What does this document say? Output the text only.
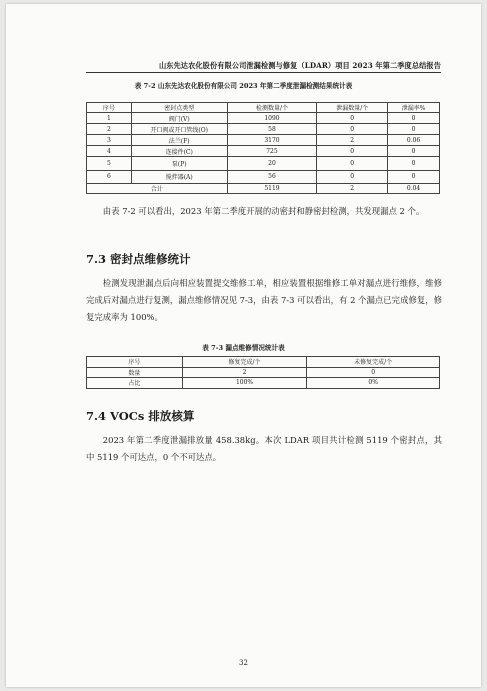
山东先达农化股份有限公司泄漏检测与修复（LDAR）项目 2023 年第二季度总结报告
表 7-2 山东先达农化股份有限公司 2023 年第二季度泄漏检测结果统计表
序号	密封点类型	检测数量/个	泄漏数量/个	泄漏率%
1	阀门(V)	1090	0	0
2	开口阀或开口管线(O)	58	0	0
3	法兰(F)	3170	2	0.06
4	连接件(C)	725	0	0
5	泵(P)	20	0	0
6	搅拌器(A)	56	0	0
合计		5119	2	0.04
由表 7-2 可以看出，2023 年第二季度开展的动密封和静密封检测，共发现漏点 2 个。
7.3 密封点维修统计
检测发现泄漏点后向相应装置提交维修工单，相应装置根据维修工单对漏点进行维修，维修完成后对漏点进行复测，漏点维修情况见 7-3，由表 7-3 可以看出，有 2 个漏点已完成修复，修复完成率为 100%。
表 7-3 漏点维修情况统计表
序号	修复完成/个	未修复完成/个
数量	2	0
占比	100%	0%
7.4 VOCs 排放核算
2023 年第二季度泄漏排放量 458.38kg。本次 LDAR 项目共计检测 5119 个密封点，其中 5119 个可达点，0 个不可达点。
32
